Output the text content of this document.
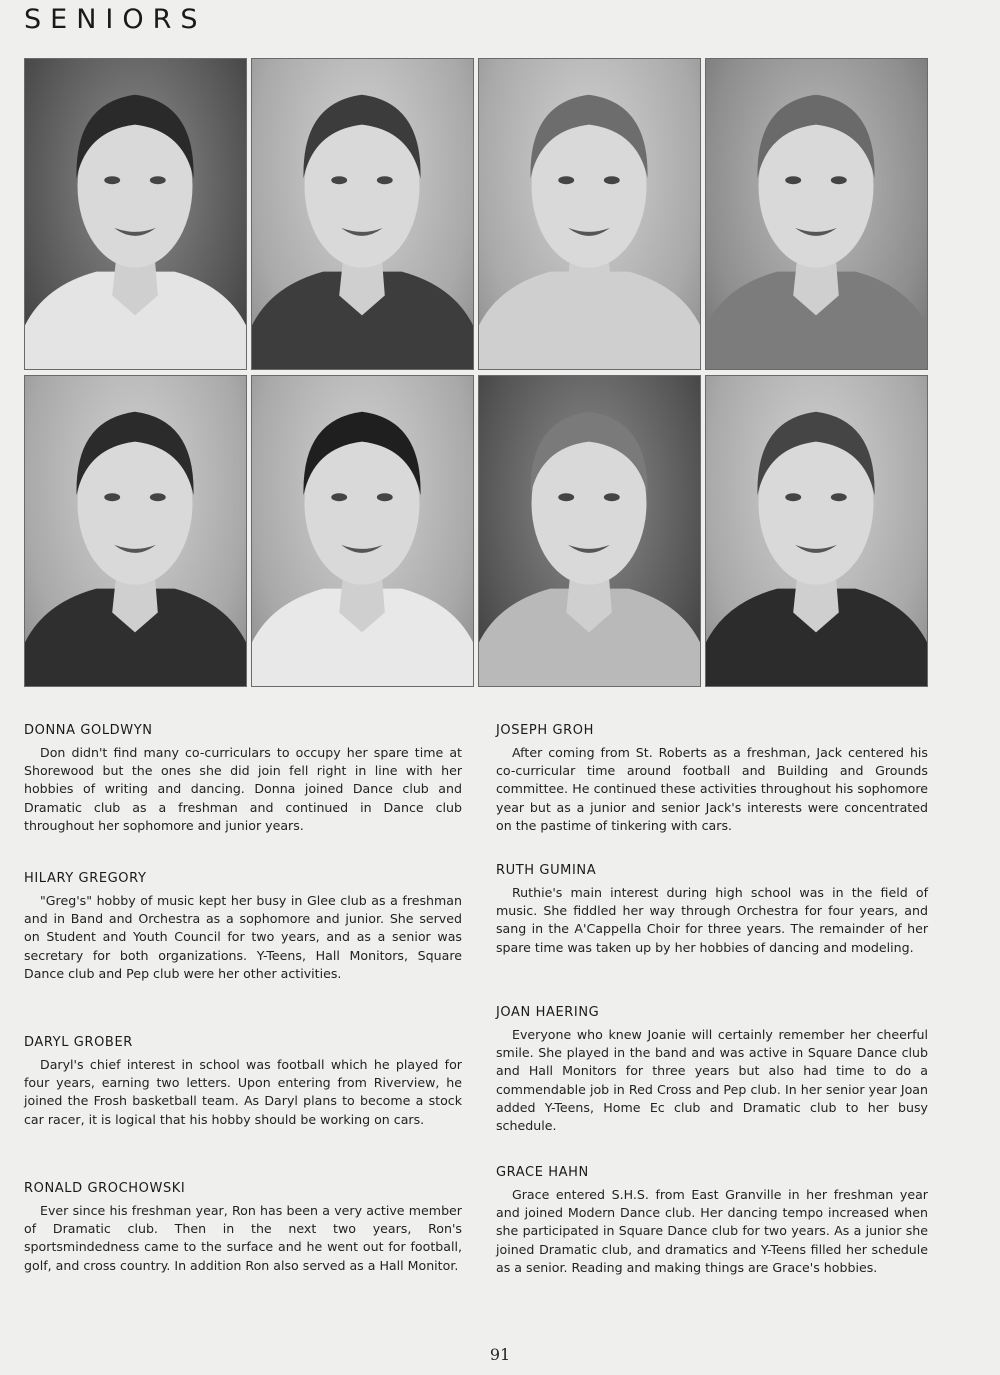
SENIORS
DONNA GOLDWYN

Don didn't find many co-curriculars to occupy her spare time at Shorewood but the ones she did join fell right in line with her hobbies of writing and dancing. Donna joined Dance club and Dramatic club as a freshman and continued in Dance club throughout her sophomore and junior years.

HILARY GREGORY

"Greg's" hobby of music kept her busy in Glee club as a freshman and in Band and Orchestra as a sophomore and junior. She served on Student and Youth Council for two years, and as a senior was secretary for both organizations. Y-Teens, Hall Monitors, Square Dance club and Pep club were her other activities.

DARYL GROBER

Daryl's chief interest in school was football which he played for four years, earning two letters. Upon entering from Riverview, he joined the Frosh basketball team. As Daryl plans to become a stock car racer, it is logical that his hobby should be working on cars.

RONALD GROCHOWSKI

Ever since his freshman year, Ron has been a very active member of Dramatic club. Then in the next two years, Ron's sportsmindedness came to the surface and he went out for football, golf, and cross country. In addition Ron also served as a Hall Monitor.

JOSEPH GROH

After coming from St. Roberts as a freshman, Jack centered his co-curricular time around football and Building and Grounds committee. He continued these activities throughout his sophomore year but as a junior and senior Jack's interests were concentrated on the pastime of tinkering with cars.

RUTH GUMINA

Ruthie's main interest during high school was in the field of music. She fiddled her way through Orchestra for four years, and sang in the A'Cappella Choir for three years. The remainder of her spare time was taken up by her hobbies of dancing and modeling.

JOAN HAERING

Everyone who knew Joanie will certainly remember her cheerful smile. She played in the band and was active in Square Dance club and Hall Monitors for three years but also had time to do a commendable job in Red Cross and Pep club. In her senior year Joan added Y-Teens, Home Ec club and Dramatic club to her busy schedule.

GRACE HAHN

Grace entered S.H.S. from East Granville in her freshman year and joined Modern Dance club. Her dancing tempo increased when she participated in Square Dance club for two years. As a junior she joined Dramatic club, and dramatics and Y-Teens filled her schedule as a senior. Reading and making things are Grace's hobbies.

91
